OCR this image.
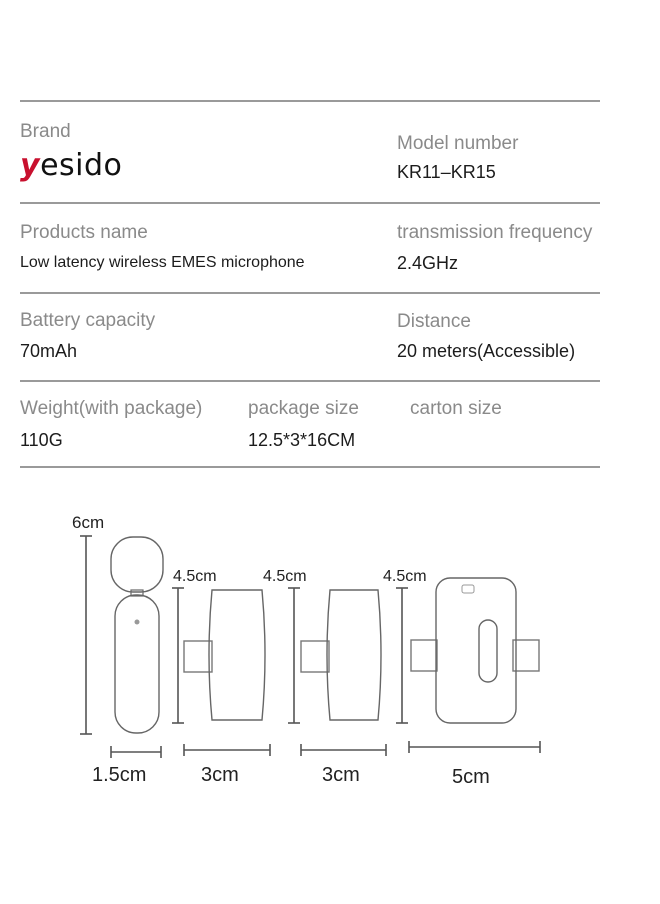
Brand
yesido
Model number
KR11–KR15
Products name
Low latency wireless EMES microphone
transmission frequency
2.4GHz
Battery capacity
70mAh
Distance
20 meters(Accessible)
Weight(with package)
110G
package size
12.5*3*16CM
carton size
6cm
1.5cm
4.5cm
3cm
4.5cm
3cm
4.5cm
5cm
